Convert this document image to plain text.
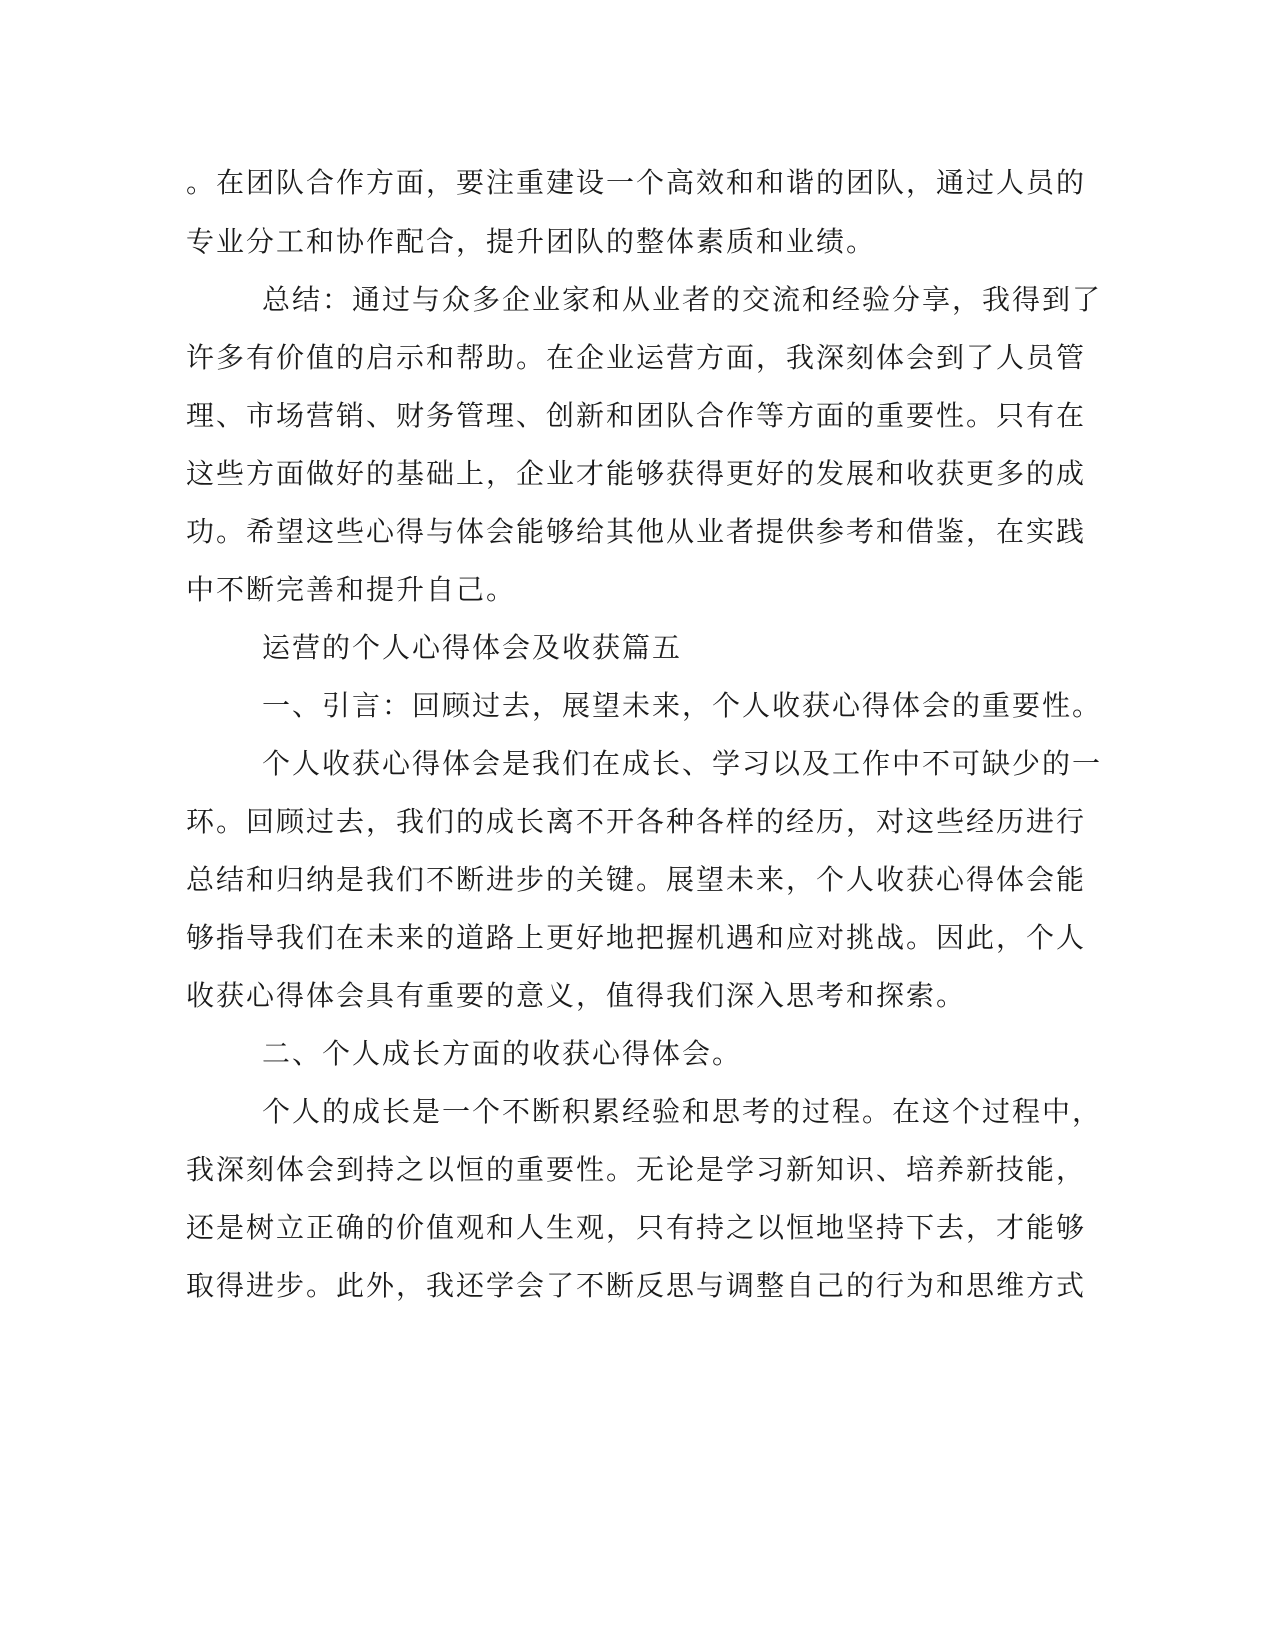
。在团队合作方面，要注重建设一个高效和和谐的团队，通过人员的
专业分工和协作配合，提升团队的整体素质和业绩。
总结：通过与众多企业家和从业者的交流和经验分享，我得到了
许多有价值的启示和帮助。在企业运营方面，我深刻体会到了人员管
理、市场营销、财务管理、创新和团队合作等方面的重要性。只有在
这些方面做好的基础上，企业才能够获得更好的发展和收获更多的成
功。希望这些心得与体会能够给其他从业者提供参考和借鉴，在实践
中不断完善和提升自己。
运营的个人心得体会及收获篇五
一、引言：回顾过去，展望未来，个人收获心得体会的重要性。
个人收获心得体会是我们在成长、学习以及工作中不可缺少的一
环。回顾过去，我们的成长离不开各种各样的经历，对这些经历进行
总结和归纳是我们不断进步的关键。展望未来，个人收获心得体会能
够指导我们在未来的道路上更好地把握机遇和应对挑战。因此，个人
收获心得体会具有重要的意义，值得我们深入思考和探索。
二、个人成长方面的收获心得体会。
个人的成长是一个不断积累经验和思考的过程。在这个过程中，
我深刻体会到持之以恒的重要性。无论是学习新知识、培养新技能，
还是树立正确的价值观和人生观，只有持之以恒地坚持下去，才能够
取得进步。此外，我还学会了不断反思与调整自己的行为和思维方式
